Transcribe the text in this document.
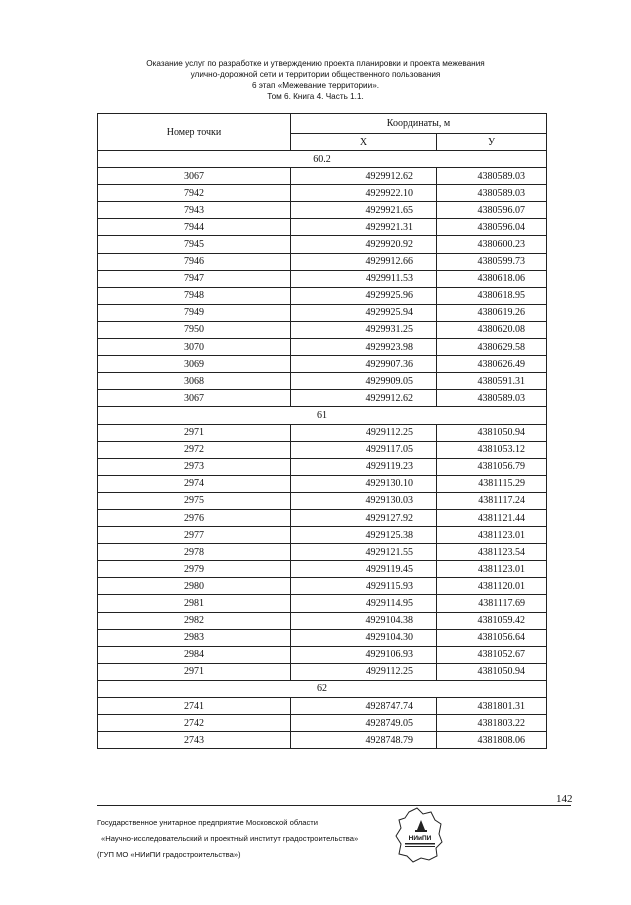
Оказание услуг по разработке и утверждению проекта планировки и проекта межевания
улично-дорожной сети и территории общественного пользования
6 этап «Межевание территории».
Том 6. Книга 4. Часть 1.1.
Номер точки	Координаты, м	
	X	У
60.2		
3067	4929912.62	4380589.03
7942	4929922.10	4380589.03
7943	4929921.65	4380596.07
7944	4929921.31	4380596.04
7945	4929920.92	4380600.23
7946	4929912.66	4380599.73
7947	4929911.53	4380618.06
7948	4929925.96	4380618.95
7949	4929925.94	4380619.26
7950	4929931.25	4380620.08
3070	4929923.98	4380629.58
3069	4929907.36	4380626.49
3068	4929909.05	4380591.31
3067	4929912.62	4380589.03
61		
2971	4929112.25	4381050.94
2972	4929117.05	4381053.12
2973	4929119.23	4381056.79
2974	4929130.10	4381115.29
2975	4929130.03	4381117.24
2976	4929127.92	4381121.44
2977	4929125.38	4381123.01
2978	4929121.55	4381123.54
2979	4929119.45	4381123.01
2980	4929115.93	4381120.01
2981	4929114.95	4381117.69
2982	4929104.38	4381059.42
2983	4929104.30	4381056.64
2984	4929106.93	4381052.67
2971	4929112.25	4381050.94
62		
2741	4928747.74	4381801.31
2742	4928749.05	4381803.22
2743	4928748.79	4381808.06
142
Государственное унитарное предприятие Московской области
«Научно-исследовательский и проектный институт градостроительства»
(ГУП МО «НИиПИ градостроительства»)
НИиПИ
